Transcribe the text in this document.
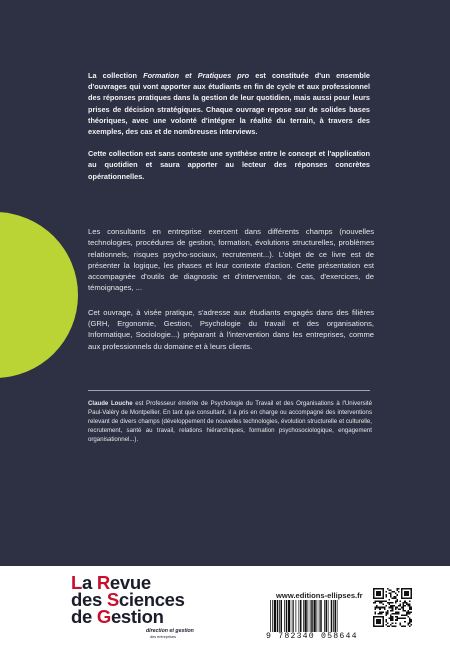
La collection Formation et Pratiques pro est constituée d'un ensemble d'ouvrages qui vont apporter aux étudiants en fin de cycle et aux professionnel des réponses pratiques dans la gestion de leur quotidien, mais aussi pour leurs prises de décision stratégiques. Chaque ouvrage repose sur de solides bases théoriques, avec une volonté d'intégrer la réalité du terrain, à travers des exemples, des cas et de nombreuses interviews.

Cette collection est sans conteste une synthèse entre le concept et l'application au quotidien et saura apporter au lecteur des réponses concrètes opérationnelles.

Les consultants en entreprise exercent dans différents champs (nouvelles technologies, procédures de gestion, formation, évolutions structurelles, problèmes relationnels, risques psycho-sociaux, recrutement...). L'objet de ce livre est de présenter la logique, les phases et leur contexte d'action. Cette présentation est accompagnée d'outils de diagnostic et d'intervention, de cas, d'exercices, de témoignages, ...

Cet ouvrage, à visée pratique, s'adresse aux étudiants engagés dans des filières (GRH, Ergonomie, Gestion, Psychologie du travail et des organisations, Informatique, Sociologie...) préparant à l'intervention dans les entreprises, comme aux professionnels du domaine et à leurs clients.

Claude Louche est Professeur émérite de Psychologie du Travail et des Organisations à l'Université Paul-Valéry de Montpellier. En tant que consultant, il a pris en charge ou accompagné des interventions relevant de divers champs (développement de nouvelles technologies, évolution structurelle et culturelle, recrutement, santé au travail, relations hiérarchiques, formation psychosociologique, engagement organisationnel...).
La Revue
des Sciences
de Gestion
direction et gestion
des entreprises
www.editions-ellipses.fr
9 782340 058644
